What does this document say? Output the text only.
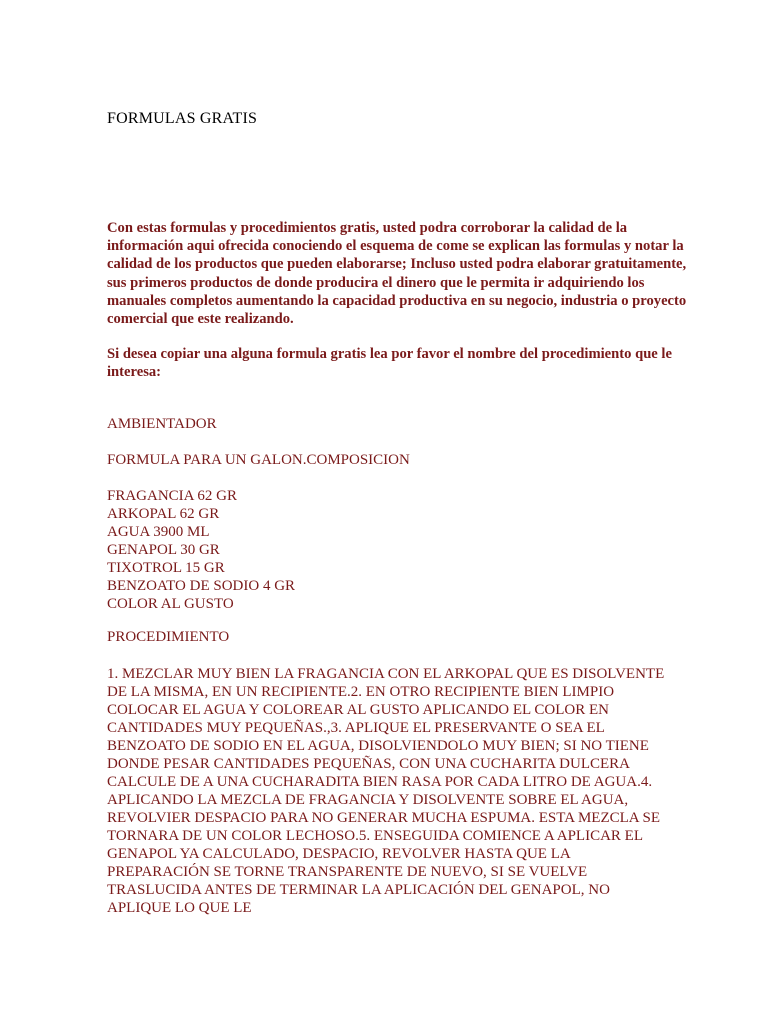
FORMULAS GRATIS

Con estas formulas y procedimientos gratis, usted podra corroborar la calidad de la información aqui ofrecida conociendo el esquema de come se explican las formulas y notar la calidad de los productos que pueden elaborarse; Incluso usted podra elaborar gratuitamente, sus primeros productos de donde producira el dinero que le permita ir adquiriendo los manuales completos aumentando la capacidad productiva en su negocio, industria o proyecto comercial que este realizando.

Si desea copiar una alguna formula gratis lea por favor el nombre del procedimiento que le interesa:

AMBIENTADOR

FORMULA PARA UN GALON.COMPOSICION

FRAGANCIA 62 GR
ARKOPAL 62 GR
AGUA 3900 ML
GENAPOL 30 GR
TIXOTROL 15 GR
BENZOATO DE SODIO 4 GR
COLOR AL GUSTO

PROCEDIMIENTO

1. MEZCLAR MUY BIEN LA FRAGANCIA CON EL ARKOPAL QUE ES DISOLVENTE DE LA MISMA, EN UN RECIPIENTE.2. EN OTRO RECIPIENTE BIEN LIMPIO COLOCAR EL AGUA Y COLOREAR AL GUSTO APLICANDO EL COLOR EN CANTIDADES MUY PEQUEÑAS.,3. APLIQUE EL PRESERVANTE O SEA EL BENZOATO DE SODIO EN EL AGUA, DISOLVIENDOLO MUY BIEN; SI NO TIENE DONDE PESAR CANTIDADES PEQUEÑAS, CON UNA CUCHARITA DULCERA CALCULE DE A UNA CUCHARADITA BIEN RASA POR CADA LITRO DE AGUA.4. APLICANDO LA MEZCLA DE FRAGANCIA Y DISOLVENTE SOBRE EL AGUA, REVOLVIER DESPACIO PARA NO GENERAR MUCHA ESPUMA. ESTA MEZCLA SE TORNARA DE UN COLOR LECHOSO.5. ENSEGUIDA COMIENCE A APLICAR EL GENAPOL YA CALCULADO, DESPACIO, REVOLVER HASTA QUE LA PREPARACIÓN SE TORNE TRANSPARENTE DE NUEVO, SI SE VUELVE TRASLUCIDA ANTES DE TERMINAR LA APLICACIÓN DEL GENAPOL, NO APLIQUE LO QUE LE
